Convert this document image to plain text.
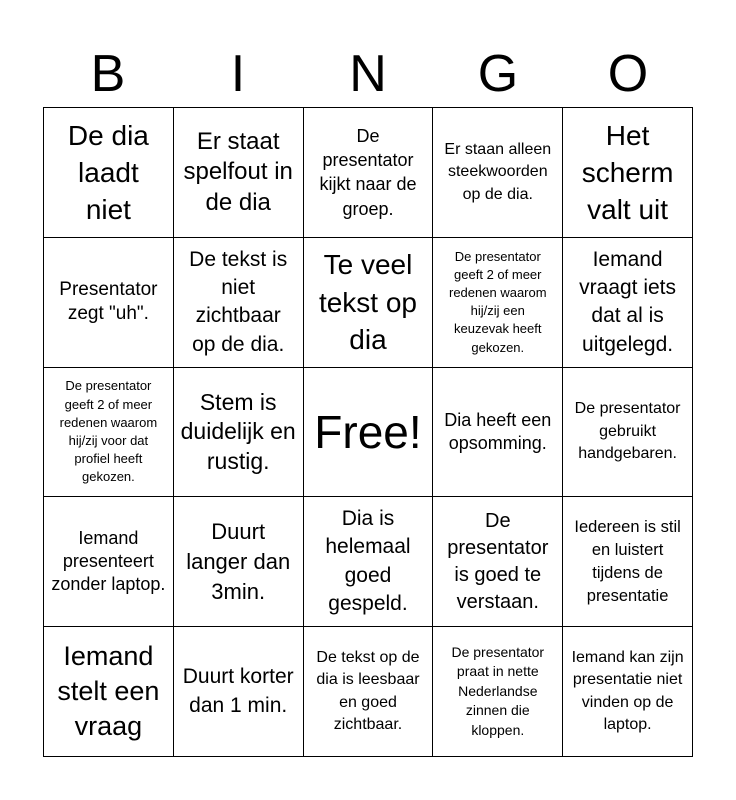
B	I	N	G	O
De dia laadt niet
Er staat spelfout in de dia
De presentator kijkt naar de groep.
Er staan alleen steekwoorden op de dia.
Het scherm valt uit
Presentator zegt "uh".
De tekst is niet zichtbaar op de dia.
Te veel tekst op dia
De presentator geeft 2 of meer redenen waarom hij/zij een keuzevak heeft gekozen.
Iemand vraagt iets dat al is uitgelegd.
De presentator geeft 2 of meer redenen waarom hij/zij voor dat profiel heeft gekozen.
Stem is duidelijk en rustig.
Free! Dia heeft een opsomming.
De presentator gebruikt handgebaren.
Iemand presenteert zonder laptop.
Duurt langer dan 3min.
Dia is helemaal goed gespeld.
De presentator is goed te verstaan.
Iedereen is stil en luistert tijdens de presentatie
Iemand stelt een vraag
Duurt korter dan 1 min.
De tekst op de dia is leesbaar en goed zichtbaar.
De presentator praat in nette Nederlandse zinnen die kloppen.
Iemand kan zijn presentatie niet vinden op de laptop.
